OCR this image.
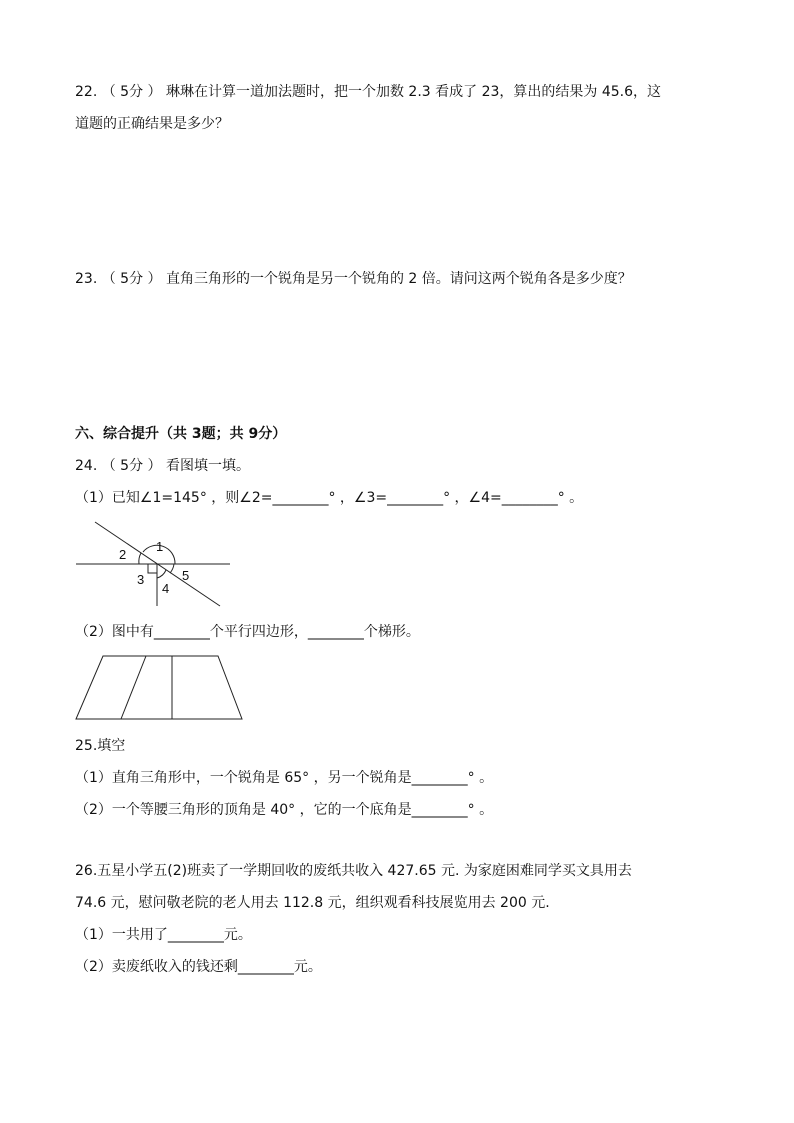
22. （ 5分 ） 琳琳在计算一道加法题时，把一个加数 2.3 看成了 23，算出的结果为 45.6，这
道题的正确结果是多少？
23. （ 5分 ） 直角三角形的一个锐角是另一个锐角的 2 倍。请问这两个锐角各是多少度？
六、综合提升（共 3题；共 9分）
24. （ 5分 ） 看图填一填。
（1）已知∠1=145° ，则∠2=________° ，∠3=________° ，∠4=________° 。
1
2
3
4
5
（2）图中有________个平行四边形，________个梯形。
25.填空
（1）直角三角形中，一个锐角是 65° ，另一个锐角是________° 。
（2）一个等腰三角形的顶角是 40° ，它的一个底角是________° 。
26.五星小学五(2)班卖了一学期回收的废纸共收入 427.65 元. 为家庭困难同学买文具用去
74.6 元，慰问敬老院的老人用去 112.8 元，组织观看科技展览用去 200 元.
（1）一共用了________元。
（2）卖废纸收入的钱还剩________元。
